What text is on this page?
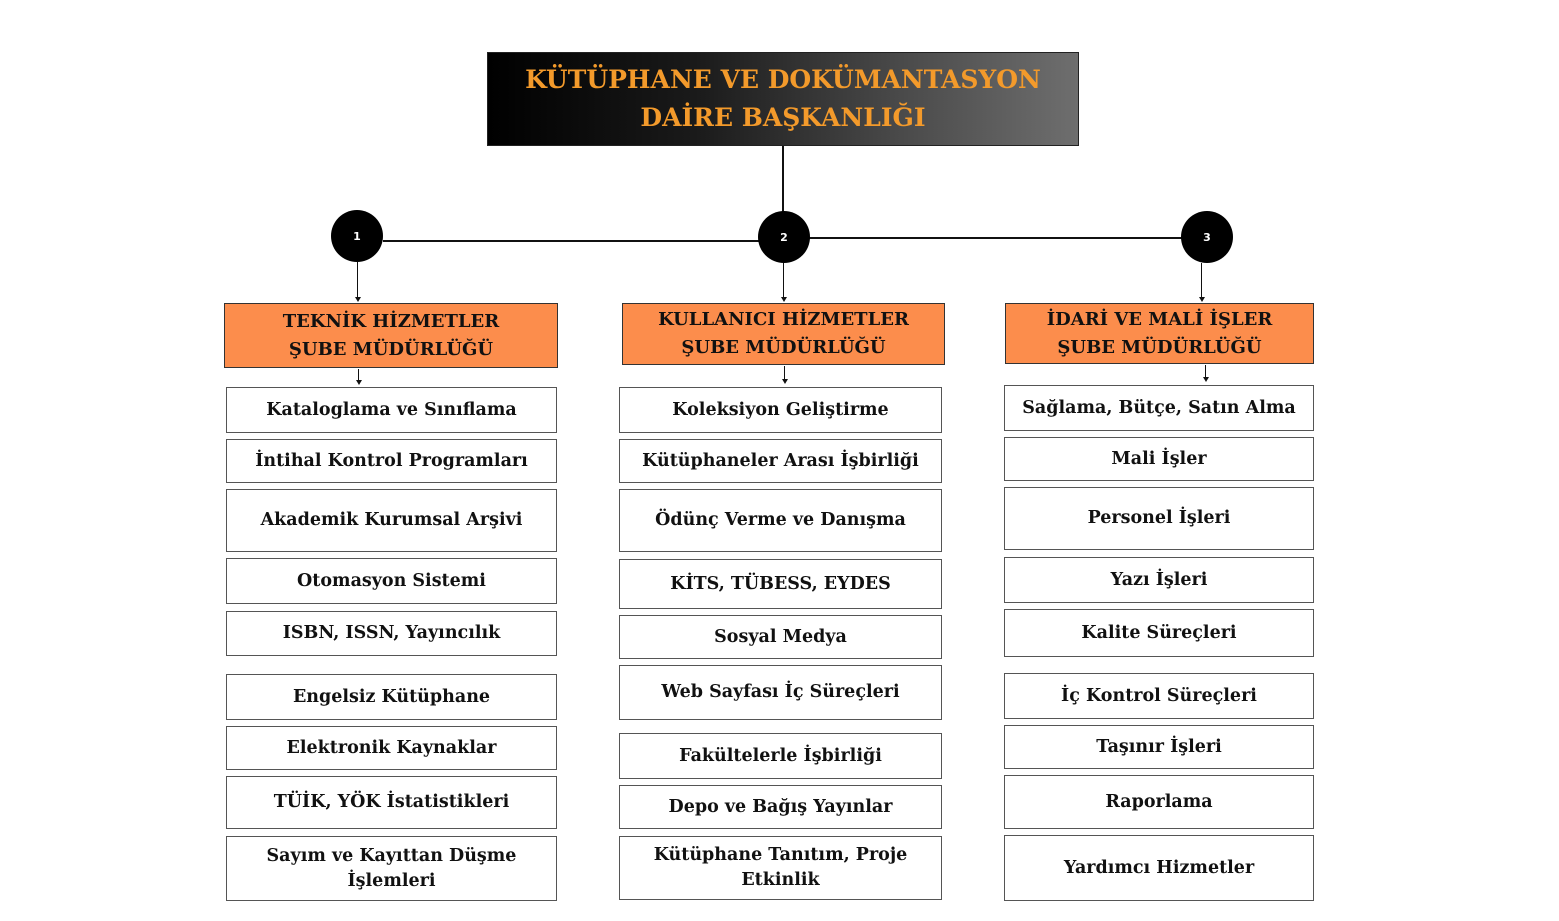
KÜTÜPHANE VE DOKÜMANTASYON DAİRE BAŞKANLIĞI
1	2	3
TEKNİK HİZMETLER ŞUBE MÜDÜRLÜĞÜ
KULLANICI HİZMETLER ŞUBE MÜDÜRLÜĞÜ
İDARİ VE MALİ İŞLER ŞUBE MÜDÜRLÜĞÜ
Kataloglama ve Sınıflama
İntihal Kontrol Programları
Akademik Kurumsal Arşivi
Otomasyon Sistemi
ISBN, ISSN, Yayıncılık
Engelsiz Kütüphane
Elektronik Kaynaklar
TÜİK, YÖK İstatistikleri
Sayım ve Kayıttan Düşme İşlemleri
Koleksiyon Geliştirme
Kütüphaneler Arası İşbirliği
Ödünç Verme ve Danışma
KİTS, TÜBESS, EYDES
Sosyal Medya
Web Sayfası İç Süreçleri
Fakültelerle İşbirliği
Depo ve Bağış Yayınlar
Kütüphane Tanıtım, Proje Etkinlik
Sağlama, Bütçe, Satın Alma
Mali İşler
Personel İşleri
Yazı İşleri
Kalite Süreçleri
İç Kontrol Süreçleri
Taşınır İşleri
Raporlama
Yardımcı Hizmetler
